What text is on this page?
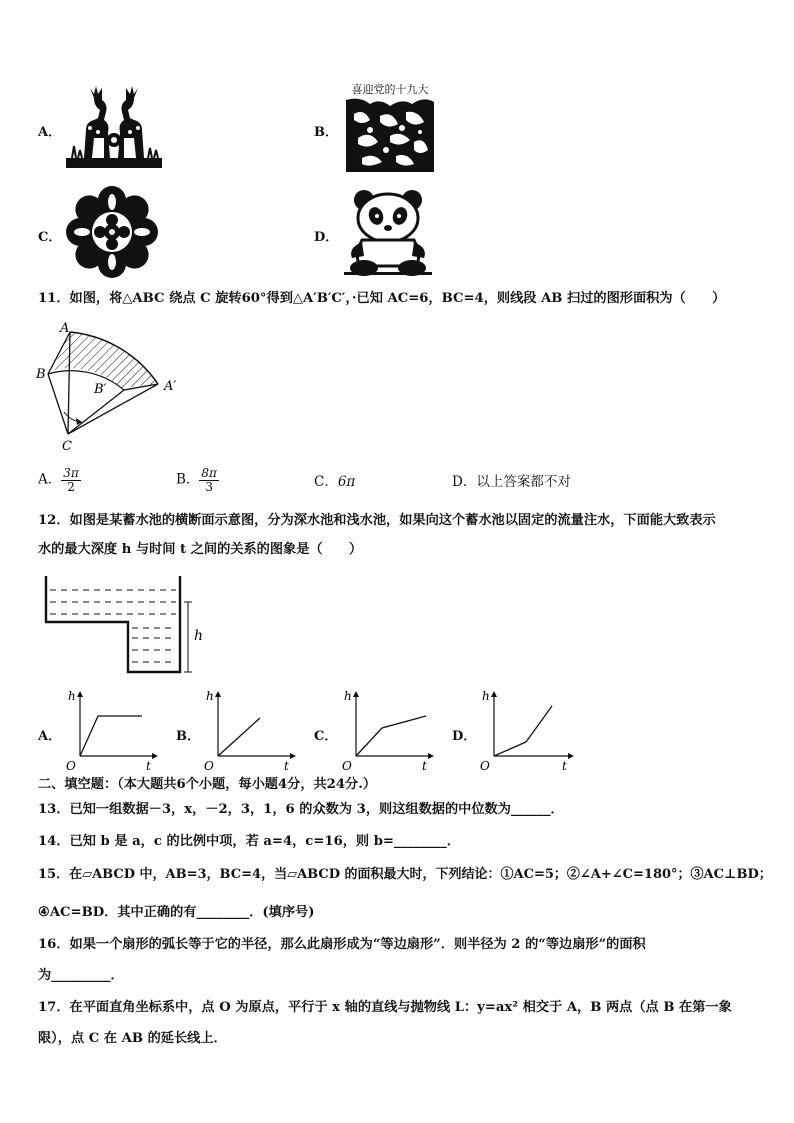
A．	B．
喜迎党的十九大
C．	D．
11．如图，将△ABC 绕点 C 旋转60°得到△A′B′C′，·已知 AC=6，BC=4，则线段 AB 扫过的图形面积为（　　）
A
B
B′	A′
C
A． $\frac{3\pi}{2}$	B． $\frac{8\pi}{3}$	C．6π	D．以上答案都不对
12．如图是某蓄水池的横断面示意图，分为深水池和浅水池，如果向这个蓄水池以固定的流量注水，下面能大致表示
水的最大深度 h 与时间 t 之间的关系的图象是（　　）
h
A．
h
O	t
B．
h
O	t
C．
h
O	t
D．
h
O	t
二、填空题：（本大题共6个小题，每小题4分，共24分.）
13．已知一组数据－3，x，－2，3，1，6 的众数为 3，则这组数据的中位数为______．
14．已知 b 是 a，c 的比例中项，若 a=4，c=16，则 b=________．
15．在▱ABCD 中，AB=3，BC=4，当▱ABCD 的面积最大时，下列结论：①AC=5；②∠A+∠C=180°；③AC⊥BD；
④AC=BD．其中正确的有________．(填序号)
16．如果一个扇形的弧长等于它的半径，那么此扇形成为“等边扇形”．则半径为 2 的“等边扇形”的面积
为_________．
17．在平面直角坐标系中，点 O 为原点，平行于 x 轴的直线与抛物线 L：y=ax² 相交于 A，B 两点（点 B 在第一象
限），点 C 在 AB 的延长线上．
